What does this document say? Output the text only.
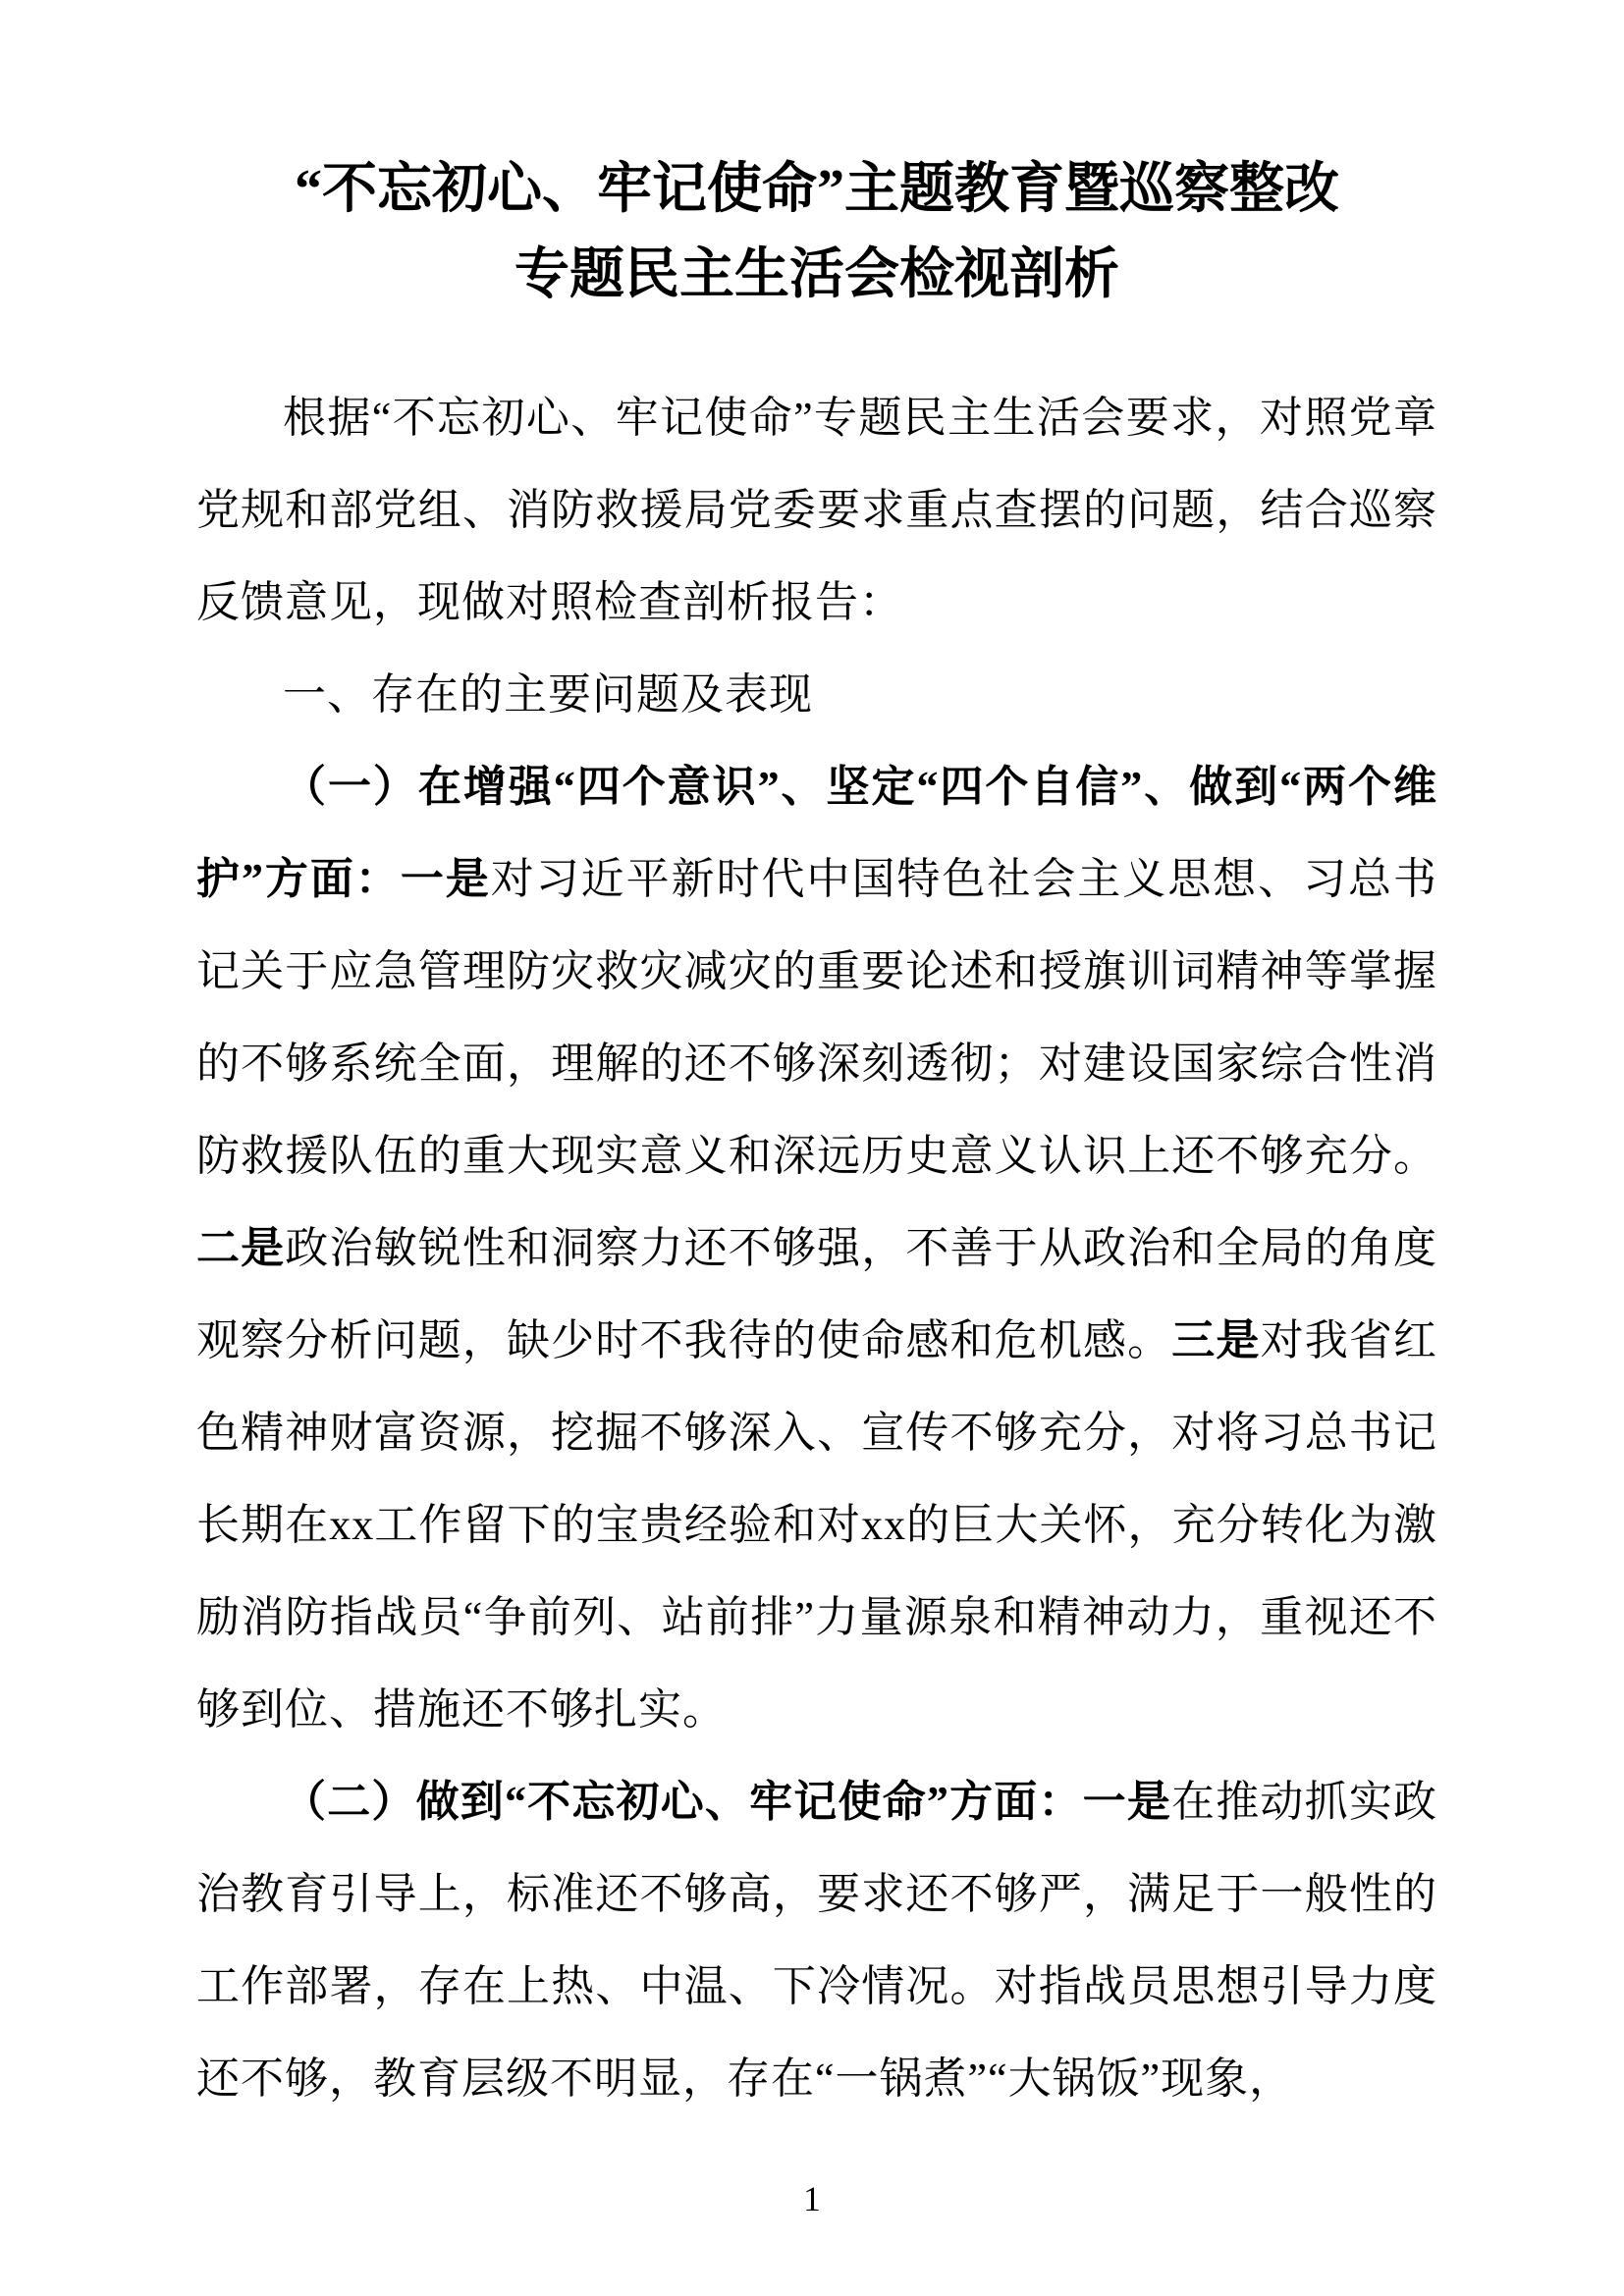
“不忘初心、牢记使命”主题教育暨巡察整改
专题民主生活会检视剖析

根据“不忘初心、牢记使命”专题民主生活会要求，对照党章党规和部党组、消防救援局党委要求重点查摆的问题，结合巡察反馈意见，现做对照检查剖析报告：

一、存在的主要问题及表现

（一）在增强“四个意识”、坚定“四个自信”、做到“两个维护”方面：一是对习近平新时代中国特色社会主义思想、习总书记关于应急管理防灾救灾减灾的重要论述和授旗训词精神等掌握的不够系统全面，理解的还不够深刻透彻；对建设国家综合性消防救援队伍的重大现实意义和深远历史意义认识上还不够充分。二是政治敏锐性和洞察力还不够强，不善于从政治和全局的角度观察分析问题，缺少时不我待的使命感和危机感。三是对我省红色精神财富资源，挖掘不够深入、宣传不够充分，对将习总书记长期在xx工作留下的宝贵经验和对xx的巨大关怀，充分转化为激励消防指战员“争前列、站前排”力量源泉和精神动力，重视还不够到位、措施还不够扎实。

（二）做到“不忘初心、牢记使命”方面：一是在推动抓实政治教育引导上，标准还不够高，要求还不够严，满足于一般性的工作部署，存在上热、中温、下冷情况。对指战员思想引导力度还不够，教育层级不明显，存在“一锅煮”“大锅饭”现象，

1
